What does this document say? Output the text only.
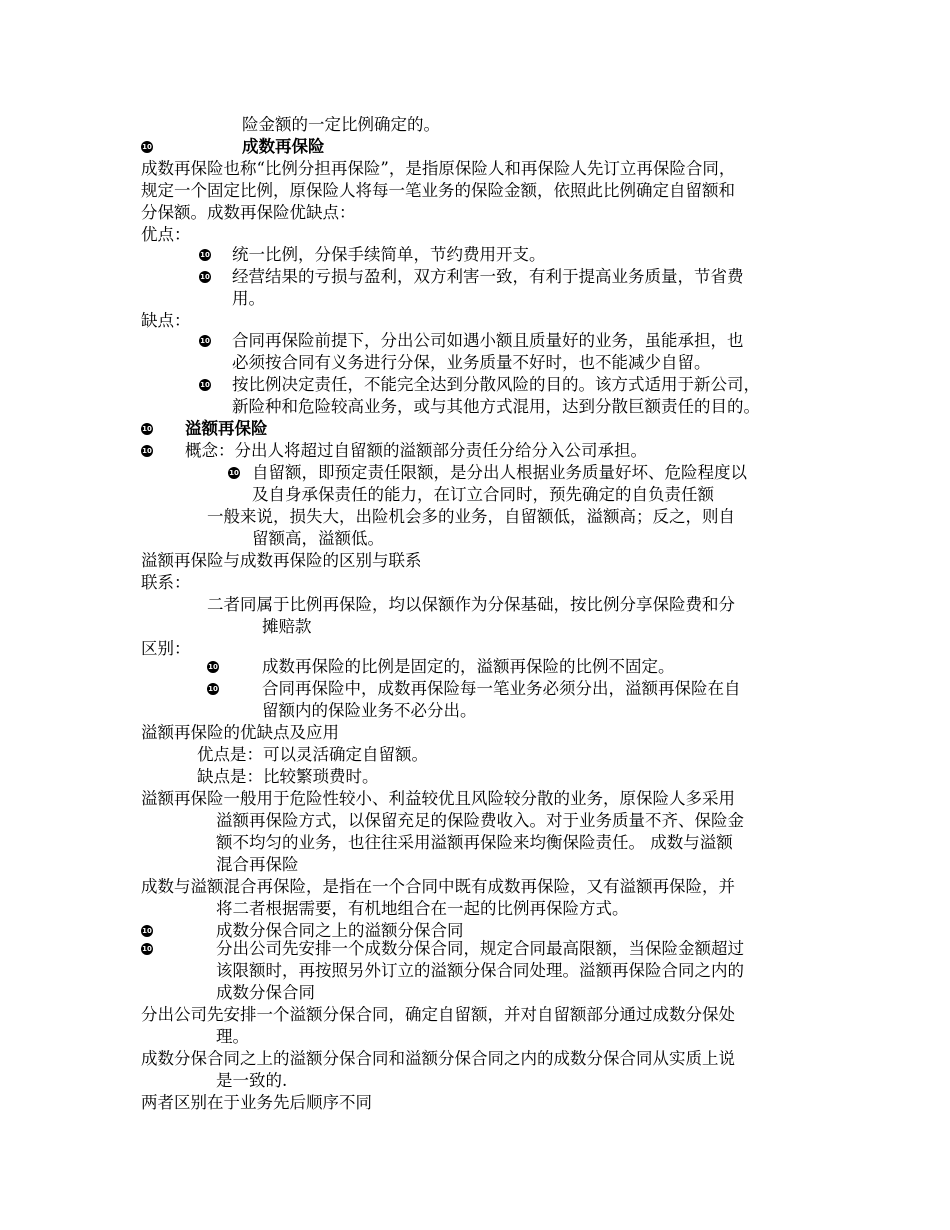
险金额的一定比例确定的。
10	成数再保险
成数再保险也称“比例分担再保险”，是指原保险人和再保险人先订立再保险合同，
规定一个固定比例，原保险人将每一笔业务的保险金额，依照此比例确定自留额和
分保额。成数再保险优缺点：
优点：
10 统一比例，分保手续简单，节约费用开支。
10 经营结果的亏损与盈利，双方利害一致，有利于提高业务质量，节省费
用。
缺点：
10 合同再保险前提下，分出公司如遇小额且质量好的业务，虽能承担，也
必须按合同有义务进行分保，业务质量不好时，也不能减少自留。
10 按比例决定责任，不能完全达到分散风险的目的。该方式适用于新公司，
新险种和危险较高业务，或与其他方式混用，达到分散巨额责任的目的。
10 溢额再保险
10 概念：分出人将超过自留额的溢额部分责任分给分入公司承担。
10 自留额，即预定责任限额，是分出人根据业务质量好坏、危险程度以
及自身承保责任的能力，在订立合同时，预先确定的自负责任额
一般来说，损失大，出险机会多的业务，自留额低，溢额高；反之，则自
留额高，溢额低。
溢额再保险与成数再保险的区别与联系
联系：
二者同属于比例再保险，均以保额作为分保基础，按比例分享保险费和分
摊赔款
区别：
10	成数再保险的比例是固定的，溢额再保险的比例不固定。
10	合同再保险中，成数再保险每一笔业务必须分出，溢额再保险在自
留额内的保险业务不必分出。
溢额再保险的优缺点及应用
优点是：可以灵活确定自留额。
缺点是：比较繁琐费时。
溢额再保险一般用于危险性较小、利益较优且风险较分散的业务，原保险人多采用
溢额再保险方式，以保留充足的保险费收入。对于业务质量不齐、保险金
额不均匀的业务，也往往采用溢额再保险来均衡保险责任。 成数与溢额
混合再保险
成数与溢额混合再保险，是指在一个合同中既有成数再保险，又有溢额再保险，并
将二者根据需要，有机地组合在一起的比例再保险方式。
10	成数分保合同之上的溢额分保合同
10	分出公司先安排一个成数分保合同，规定合同最高限额，当保险金额超过
该限额时，再按照另外订立的溢额分保合同处理。溢额再保险合同之内的
成数分保合同
分出公司先安排一个溢额分保合同，确定自留额，并对自留额部分通过成数分保处
理。
成数分保合同之上的溢额分保合同和溢额分保合同之内的成数分保合同从实质上说
是一致的.
两者区别在于业务先后顺序不同
